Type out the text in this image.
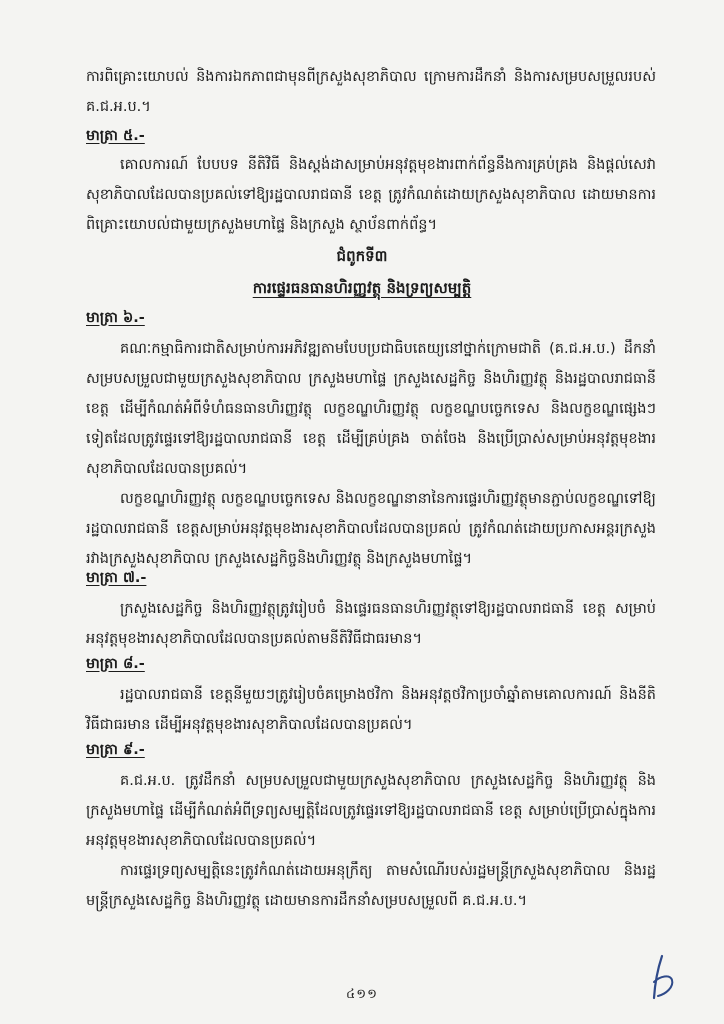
ការពិគ្រោះយោបល់ និងការឯកភាពជាមុនពីក្រសួងសុខាភិបាល ក្រោមការដឹកនាំ និងការសម្របសម្រួលរបស់ គ.ជ.អ.ប.។

មាត្រា ៥.-

គោលការណ៍ បែបបទ នីតិវិធី និងស្តង់ដាសម្រាប់អនុវត្តមុខងារពាក់ព័ន្ធនឹងការគ្រប់គ្រង និងផ្តល់សេវាសុខាភិបាលដែលបានប្រគល់ទៅឱ្យរដ្ឋបាលរាជធានី ខេត្ត ត្រូវកំណត់ដោយក្រសួងសុខាភិបាល ដោយមានការពិគ្រោះយោបល់ជាមួយក្រសួងមហាផ្ទៃ និងក្រសួង ស្ថាប័នពាក់ព័ន្ធ។

ជំពូកទី៣
ការផ្ទេរធនធានហិរញ្ញវត្ថុ និងទ្រព្យសម្បត្តិ
មាត្រា ៦.-

គណៈកម្មាធិការជាតិសម្រាប់ការអភិវឌ្ឍតាមបែបប្រជាធិបតេយ្យនៅថ្នាក់ក្រោមជាតិ (គ.ជ.អ.ប.) ដឹកនាំ សម្របសម្រួលជាមួយក្រសួងសុខាភិបាល ក្រសួងមហាផ្ទៃ ក្រសួងសេដ្ឋកិច្ច និងហិរញ្ញវត្ថុ និងរដ្ឋបាលរាជធានី ខេត្ត ដើម្បីកំណត់អំពីទំហំធនធានហិរញ្ញវត្ថុ លក្ខខណ្ឌហិរញ្ញវត្ថុ លក្ខខណ្ឌបច្ចេកទេស និងលក្ខខណ្ឌផ្សេងៗទៀតដែលត្រូវផ្ទេរទៅឱ្យរដ្ឋបាលរាជធានី ខេត្ត ដើម្បីគ្រប់គ្រង ចាត់ចែង និងប្រើប្រាស់សម្រាប់អនុវត្តមុខងារសុខាភិបាលដែលបានប្រគល់។

លក្ខខណ្ឌហិរញ្ញវត្ថុ លក្ខខណ្ឌបច្ចេកទេស និងលក្ខខណ្ឌនានានៃការផ្ទេរហិរញ្ញវត្ថុមានភ្ជាប់លក្ខខណ្ឌទៅឱ្យរដ្ឋបាលរាជធានី ខេត្តសម្រាប់អនុវត្តមុខងារសុខាភិបាលដែលបានប្រគល់ ត្រូវកំណត់ដោយប្រកាសអន្តរក្រសួងរវាងក្រសួងសុខាភិបាល ក្រសួងសេដ្ឋកិច្ចនិងហិរញ្ញវត្ថុ និងក្រសួងមហាផ្ទៃ។

មាត្រា ៧.-

ក្រសួងសេដ្ឋកិច្ច និងហិរញ្ញវត្ថុត្រូវរៀបចំ និងផ្ទេរធនធានហិរញ្ញវត្ថុទៅឱ្យរដ្ឋបាលរាជធានី ខេត្ត សម្រាប់អនុវត្តមុខងារសុខាភិបាលដែលបានប្រគល់តាមនីតិវិធីជាធរមាន។

មាត្រា ៨.-

រដ្ឋបាលរាជធានី ខេត្តនីមួយៗត្រូវរៀបចំគម្រោងថវិកា និងអនុវត្តថវិកាប្រចាំឆ្នាំតាមគោលការណ៍ និងនីតិវិធីជាធរមាន ដើម្បីអនុវត្តមុខងារសុខាភិបាលដែលបានប្រគល់។

មាត្រា ៩.-

គ.ជ.អ.ប. ត្រូវដឹកនាំ សម្របសម្រួលជាមួយក្រសួងសុខាភិបាល ក្រសួងសេដ្ឋកិច្ច និងហិរញ្ញវត្ថុ និងក្រសួងមហាផ្ទៃ ដើម្បីកំណត់អំពីទ្រព្យសម្បត្តិដែលត្រូវផ្ទេរទៅឱ្យរដ្ឋបាលរាជធានី ខេត្ត សម្រាប់ប្រើប្រាស់ក្នុងការអនុវត្តមុខងារសុខាភិបាលដែលបានប្រគល់។

ការផ្ទេរទ្រព្យសម្បត្តិនេះត្រូវកំណត់ដោយអនុក្រឹត្យ តាមសំណើរបស់រដ្ឋមន្ត្រីក្រសួងសុខាភិបាល និងរដ្ឋមន្ត្រីក្រសួងសេដ្ឋកិច្ច និងហិរញ្ញវត្ថុ ដោយមានការដឹកនាំសម្របសម្រួលពី គ.ជ.អ.ប.។

៤១១
